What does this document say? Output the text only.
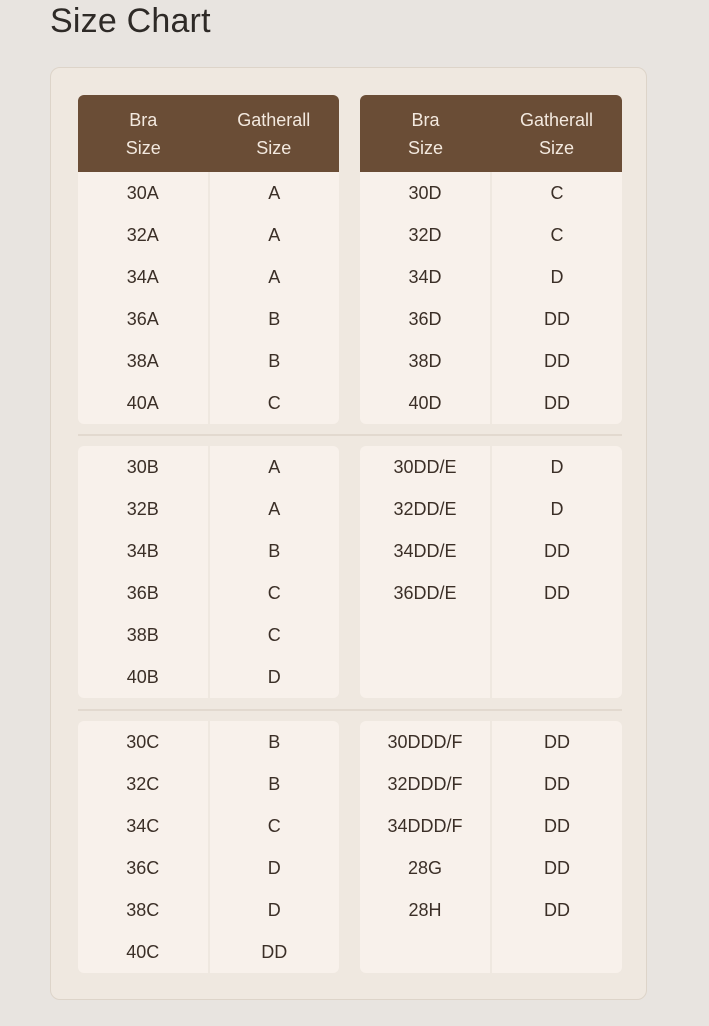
Size Chart
Bra
Size
Gatherall
Size
Bra
Size
Gatherall
Size
30A
32A
34A
36A
38A
40A
A
A
A
B
B
C
30D
32D
34D
36D
38D
40D
C
C
D
DD
DD
DD
30B
32B
34B
36B
38B
40B
A
A
B
C
C
D
30DD/E
32DD/E
34DD/E
36DD/E
D
D
DD
DD
30C
32C
34C
36C
38C
40C
B
B
C
D
D
DD
30DDD/F
32DDD/F
34DDD/F
28G
28H
DD
DD
DD
DD
DD
